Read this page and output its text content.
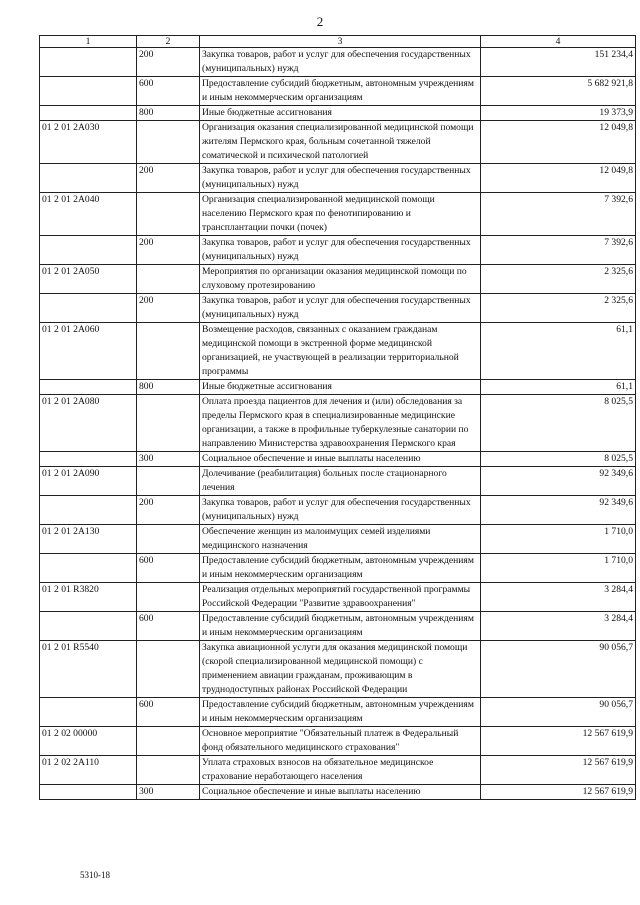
2
1	2	3	4
	200	Закупка товаров, работ и услуг для обеспечения государственных (муниципальных) нужд	151 234,4
	600	Предоставление субсидий бюджетным, автономным учреждениям и иным некоммерческим организациям	5 682 921,8
	800	Иные бюджетные ассигнования	19 373,9
01 2 01 2А030		Организация оказания специализированной медицинской помощи жителям Пермского края, больным сочетанной тяжелой соматической и психической патологией	12 049,8
	200	Закупка товаров, работ и услуг для обеспечения государственных (муниципальных) нужд	12 049,8
01 2 01 2А040		Организация специализированной медицинской помощи населению Пермского края по фенотипированию и трансплантации почки (почек)	7 392,6
	200	Закупка товаров, работ и услуг для обеспечения государственных (муниципальных) нужд	7 392,6
01 2 01 2А050		Мероприятия по организации оказания медицинской помощи по слуховому протезированию	2 325,6
	200	Закупка товаров, работ и услуг для обеспечения государственных (муниципальных) нужд	2 325,6
01 2 01 2А060		Возмещение расходов, связанных с оказанием гражданам медицинской помощи в экстренной форме медицинской организацией, не участвующей в реализации территориальной программы	61,1
	800	Иные бюджетные ассигнования	61,1
01 2 01 2А080		Оплата проезда пациентов для лечения и (или) обследования за пределы Пермского края в специализированные медицинские организации, а также в профильные туберкулезные санатории по направлению Министерства здравоохранения Пермского края	8 025,5
	300	Социальное обеспечение и иные выплаты населению	8 025,5
01 2 01 2А090		Долечивание (реабилитация) больных после стационарного лечения	92 349,6
	200	Закупка товаров, работ и услуг для обеспечения государственных (муниципальных) нужд	92 349,6
01 2 01 2А130		Обеспечение женщин из малоимущих семей изделиями медицинского назначения	1 710,0
	600	Предоставление субсидий бюджетным, автономным учреждениям и иным некоммерческим организациям	1 710,0
01 2 01 R3820		Реализация отдельных мероприятий государственной программы Российской Федерации "Развитие здравоохранения"	3 284,4
	600	Предоставление субсидий бюджетным, автономным учреждениям и иным некоммерческим организациям	3 284,4
01 2 01 R5540		Закупка авиационной услуги для оказания медицинской помощи (скорой специализированной медицинской помощи) с применением авиации гражданам, проживающим в труднодоступных районах Российской Федерации	90 056,7
	600	Предоставление субсидий бюджетным, автономным учреждениям и иным некоммерческим организациям	90 056,7
01 2 02 00000		Основное мероприятие "Обязательный платеж в Федеральный фонд обязательного медицинского страхования"	12 567 619,9
01 2 02 2А110		Уплата страховых взносов на обязательное медицинское страхование неработающего населения	12 567 619,9
	300	Социальное обеспечение и иные выплаты населению	12 567 619,9
5310-18
